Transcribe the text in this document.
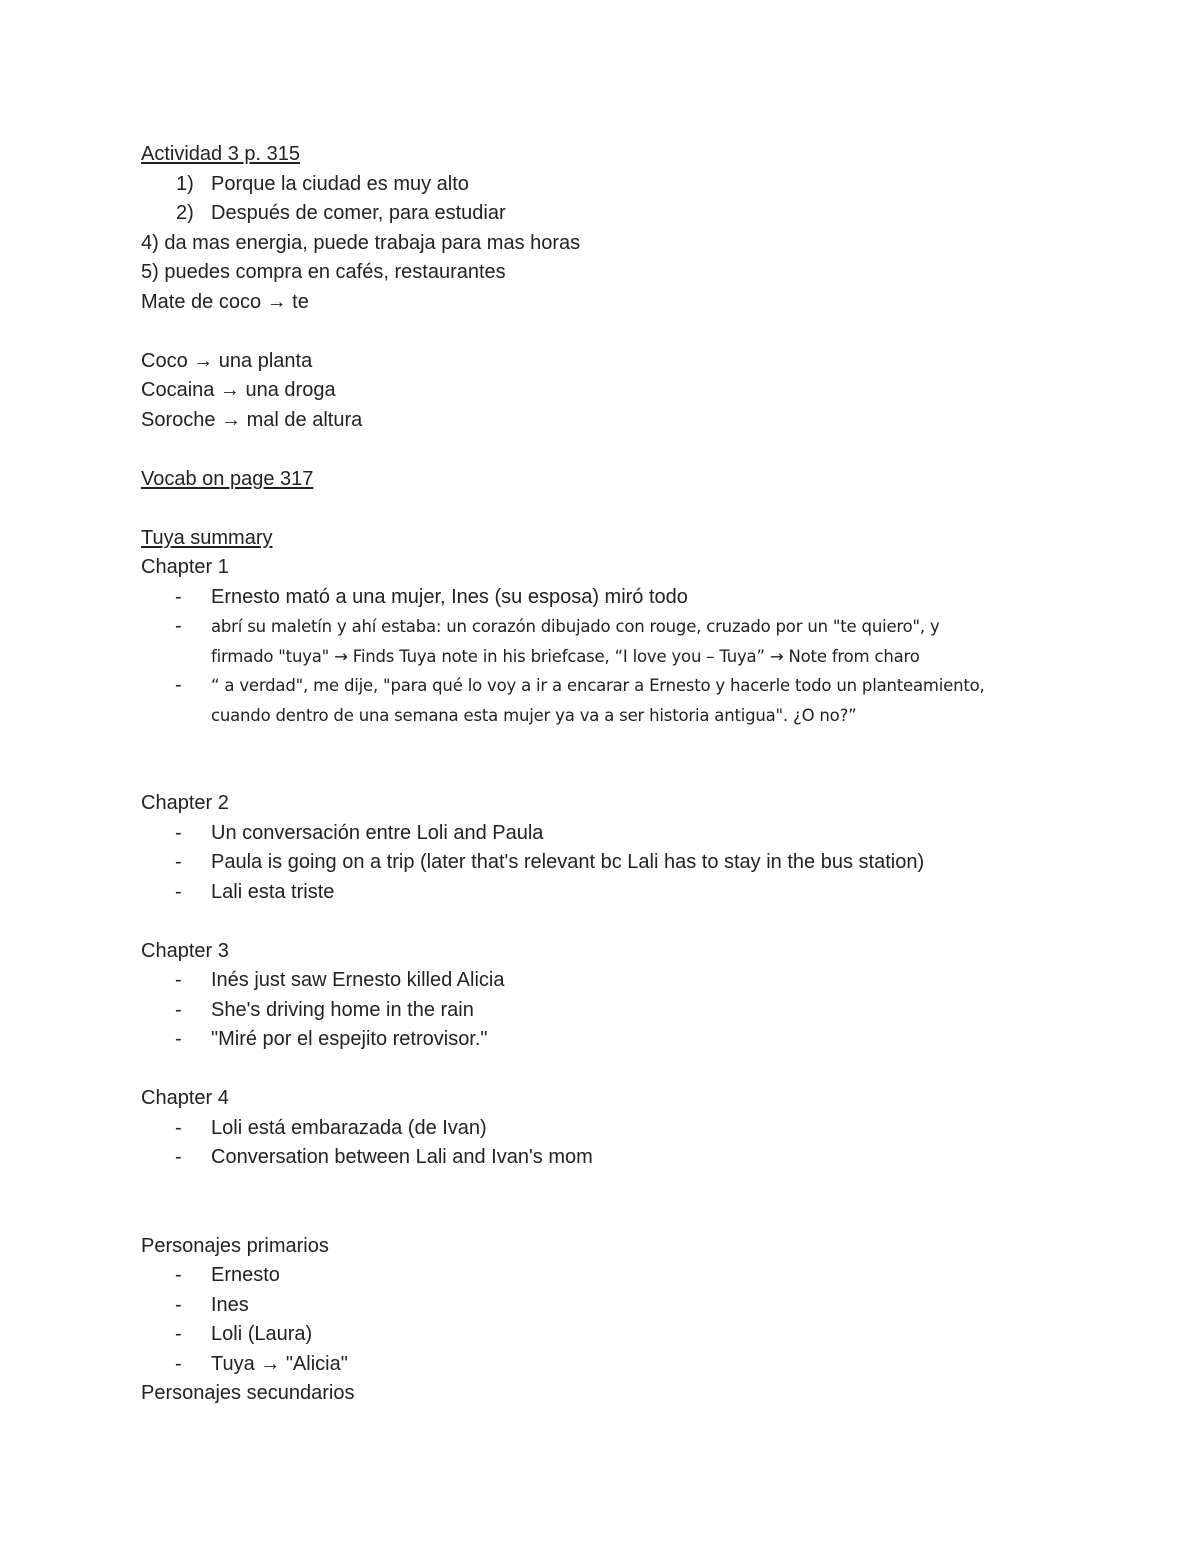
Actividad 3 p. 315
1) Porque la ciudad es muy alto
2) Después de comer, para estudiar
4) da mas energia, puede trabaja para mas horas
5) puedes compra en cafés, restaurantes
Mate de coco → te
Coco → una planta
Cocaina → una droga
Soroche → mal de altura
Vocab on page 317
Tuya summary
Chapter 1
- Ernesto mató a una mujer, Ines (su esposa) miró todo
- abrí su maletín y ahí estaba: un corazón dibujado con rouge, cruzado por un "te quiero", y
firmado "tuya" → Finds Tuya note in his briefcase, “I love you – Tuya” → Note from charo
- “ a verdad", me dije, "para qué lo voy a ir a encarar a Ernesto y hacerle todo un planteamiento,
cuando dentro de una semana esta mujer ya va a ser historia antigua". ¿O no?”
Chapter 2
- Un conversación entre Loli and Paula
- Paula is going on a trip (later that's relevant bc Lali has to stay in the bus station)
- Lali esta triste
Chapter 3
- Inés just saw Ernesto killed Alicia
- She's driving home in the rain
- "Miré por el espejito retrovisor."
Chapter 4
- Loli está embarazada (de Ivan)
- Conversation between Lali and Ivan's mom
Personajes primarios
- Ernesto
- Ines
- Loli (Laura)
- Tuya → "Alicia"
Personajes secundarios
